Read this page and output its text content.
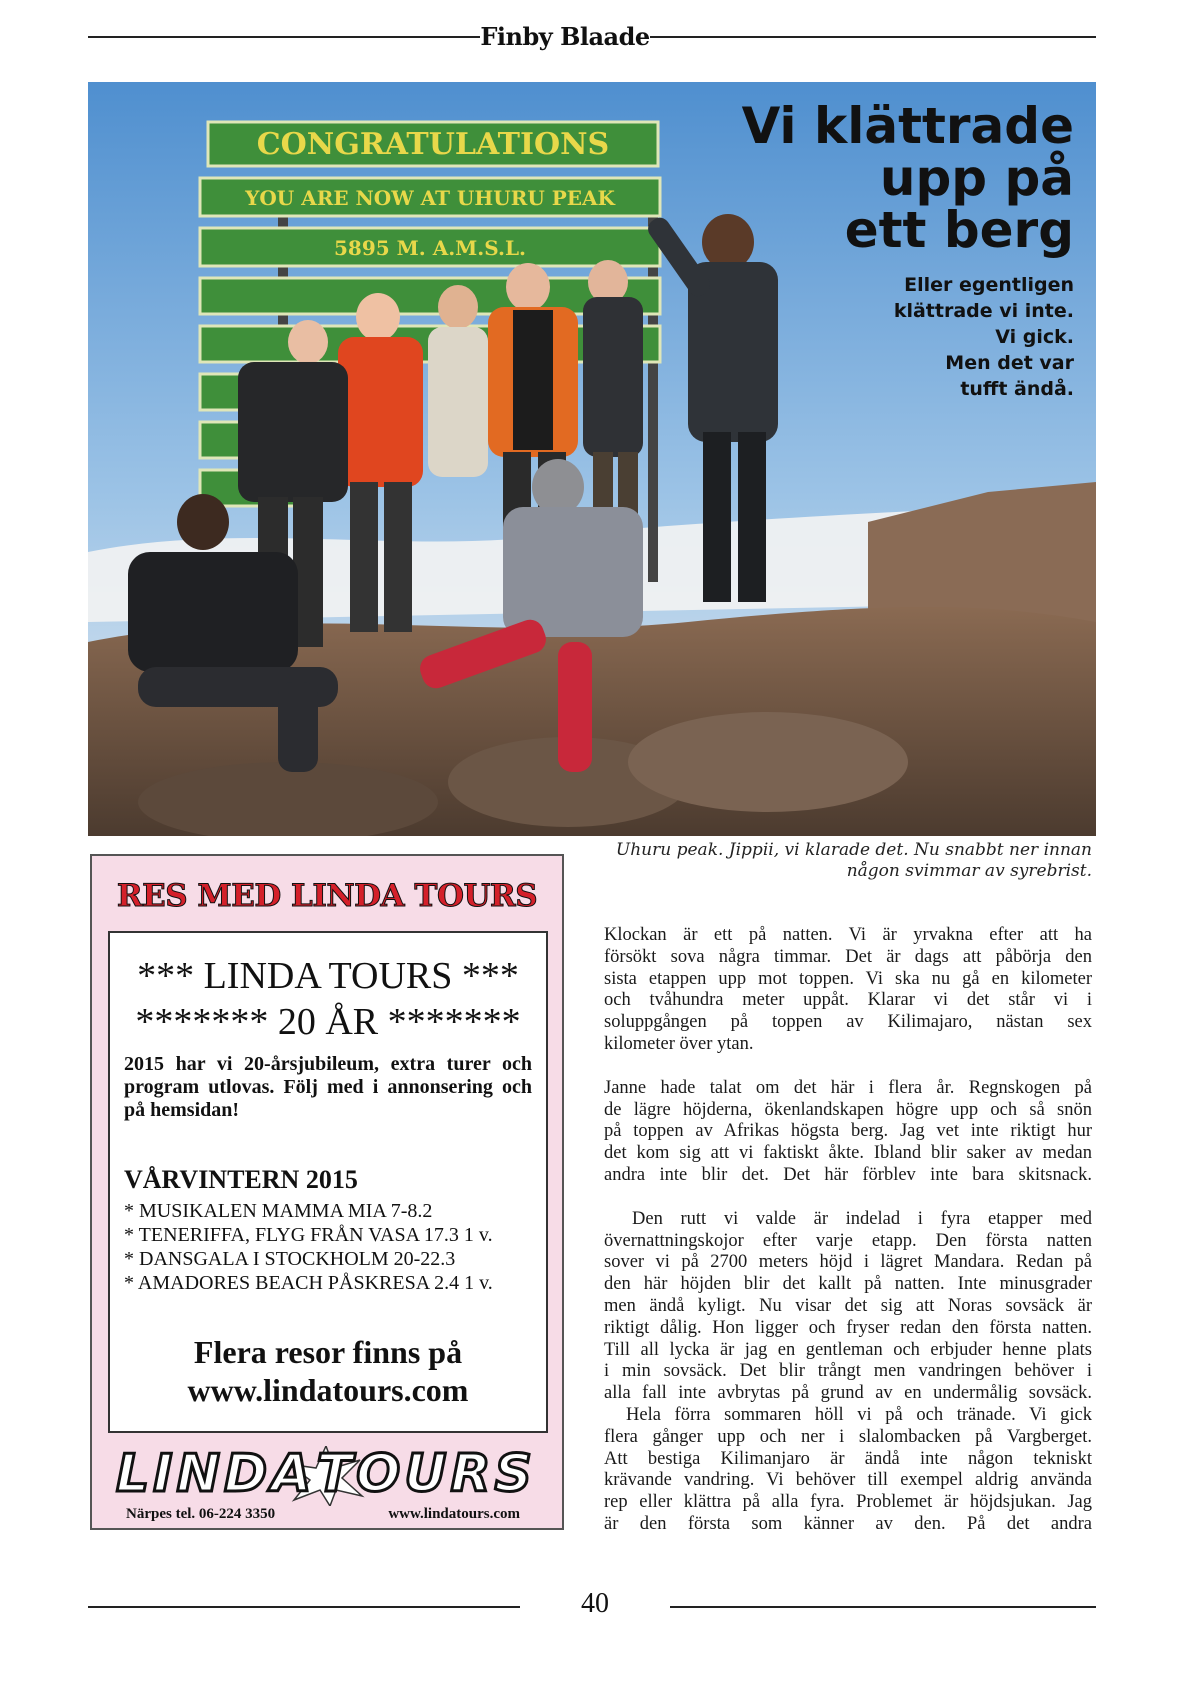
Finby Blaade
CONGRATULATIONS
YOU ARE NOW AT UHURU PEAK
5895 M. A.M.S.L.
Vi klättrade
upp på
ett berg
Eller egentligen
klättrade vi inte.
Vi gick.
Men det var
tufft ändå.
Uhuru peak. Jippii, vi klarade det. Nu snabbt ner innan
någon svimmar av syrebrist.
RES MED LINDA TOURS
*** LINDA TOURS ***
******* 20 ÅR *******
2015 har vi 20-årsjubileum, extra turer och program utlovas. Följ med i annonsering och på hemsidan!
VÅRVINTERN 2015
* MUSIKALEN MAMMA MIA 7-8.2
* TENERIFFA, FLYG FRÅN VASA 17.3 1 v.
* DANSGALA I STOCKHOLM 20-22.3
* AMADORES BEACH PÅSKRESA 2.4 1 v.
Flera resor finns på
www.lindatours.com
LINDA TOURS
Närpes tel. 06-224 3350	www.lindatours.com

Klockan är ett på natten. Vi är yrvakna efter att ha
försökt sova några timmar. Det är dags att påbörja den
sista etappen upp mot toppen. Vi ska nu gå en kilometer
och tvåhundra meter uppåt. Klarar vi det står vi i
soluppgången på toppen av Kilimajaro, nästan sex
kilometer över ytan.

Janne hade talat om det här i flera år. Regnskogen på
de lägre höjderna, ökenlandskapen högre upp och så snön
på toppen av Afrikas högsta berg. Jag vet inte riktigt hur
det kom sig att vi faktiskt åkte. Ibland blir saker av medan
andra inte blir det. Det här förblev inte bara skitsnack.

Den rutt vi valde är indelad i fyra etapper med
övernattningskojor efter varje etapp. Den första natten
sover vi på 2700 meters höjd i lägret Mandara. Redan på
den här höjden blir det kallt på natten. Inte minusgrader
men ändå kyligt. Nu visar det sig att Noras sovsäck är
riktigt dålig. Hon ligger och fryser redan den första natten.
Till all lycka är jag en gentleman och erbjuder henne plats
i min sovsäck. Det blir trångt men vandringen behöver i
alla fall inte avbrytas på grund av en undermålig sovsäck.
Hela förra sommaren höll vi på och tränade. Vi gick
flera gånger upp och ner i slalombacken på Vargberget.
Att bestiga Kilimanjaro är ändå inte någon tekniskt
krävande vandring. Vi behöver till exempel aldrig använda
rep eller klättra på alla fyra. Problemet är höjdsjukan. Jag
är den första som känner av den. På det andra

40
